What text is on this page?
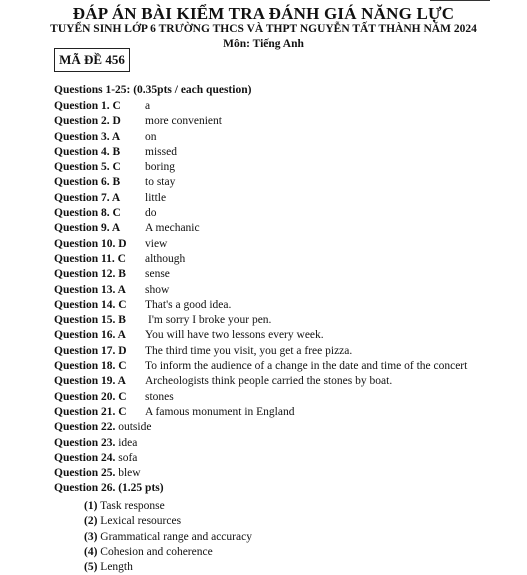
ĐÁP ÁN BÀI KIỂM TRA ĐÁNH GIÁ NĂNG LỰC
TUYỂN SINH LỚP 6 TRƯỜNG THCS VÀ THPT NGUYỄN TẤT THÀNH NĂM 2024
Môn: Tiếng Anh
MÃ ĐỀ 456
Questions 1-25: (0.35pts / each question)
Question 1. C a
Question 2. D more convenient
Question 3. A on
Question 4. B missed
Question 5. C boring
Question 6. B to stay
Question 7. A little
Question 8. C do
Question 9. A A mechanic
Question 10. D view
Question 11. C although
Question 12. B sense
Question 13. A show
Question 14. C That's a good idea.
Question 15. B I'm sorry I broke your pen.
Question 16. A You will have two lessons every week.
Question 17. D The third time you visit, you get a free pizza.
Question 18. C To inform the audience of a change in the date and time of the concert
Question 19. A Archeologists think people carried the stones by boat.
Question 20. C stones
Question 21. C A famous monument in England
Question 22. outside
Question 23. idea
Question 24. sofa
Question 25. blew
Question 26. (1.25 pts)
(1) Task response
(2) Lexical resources
(3) Grammatical range and accuracy
(4) Cohesion and coherence
(5) Length
